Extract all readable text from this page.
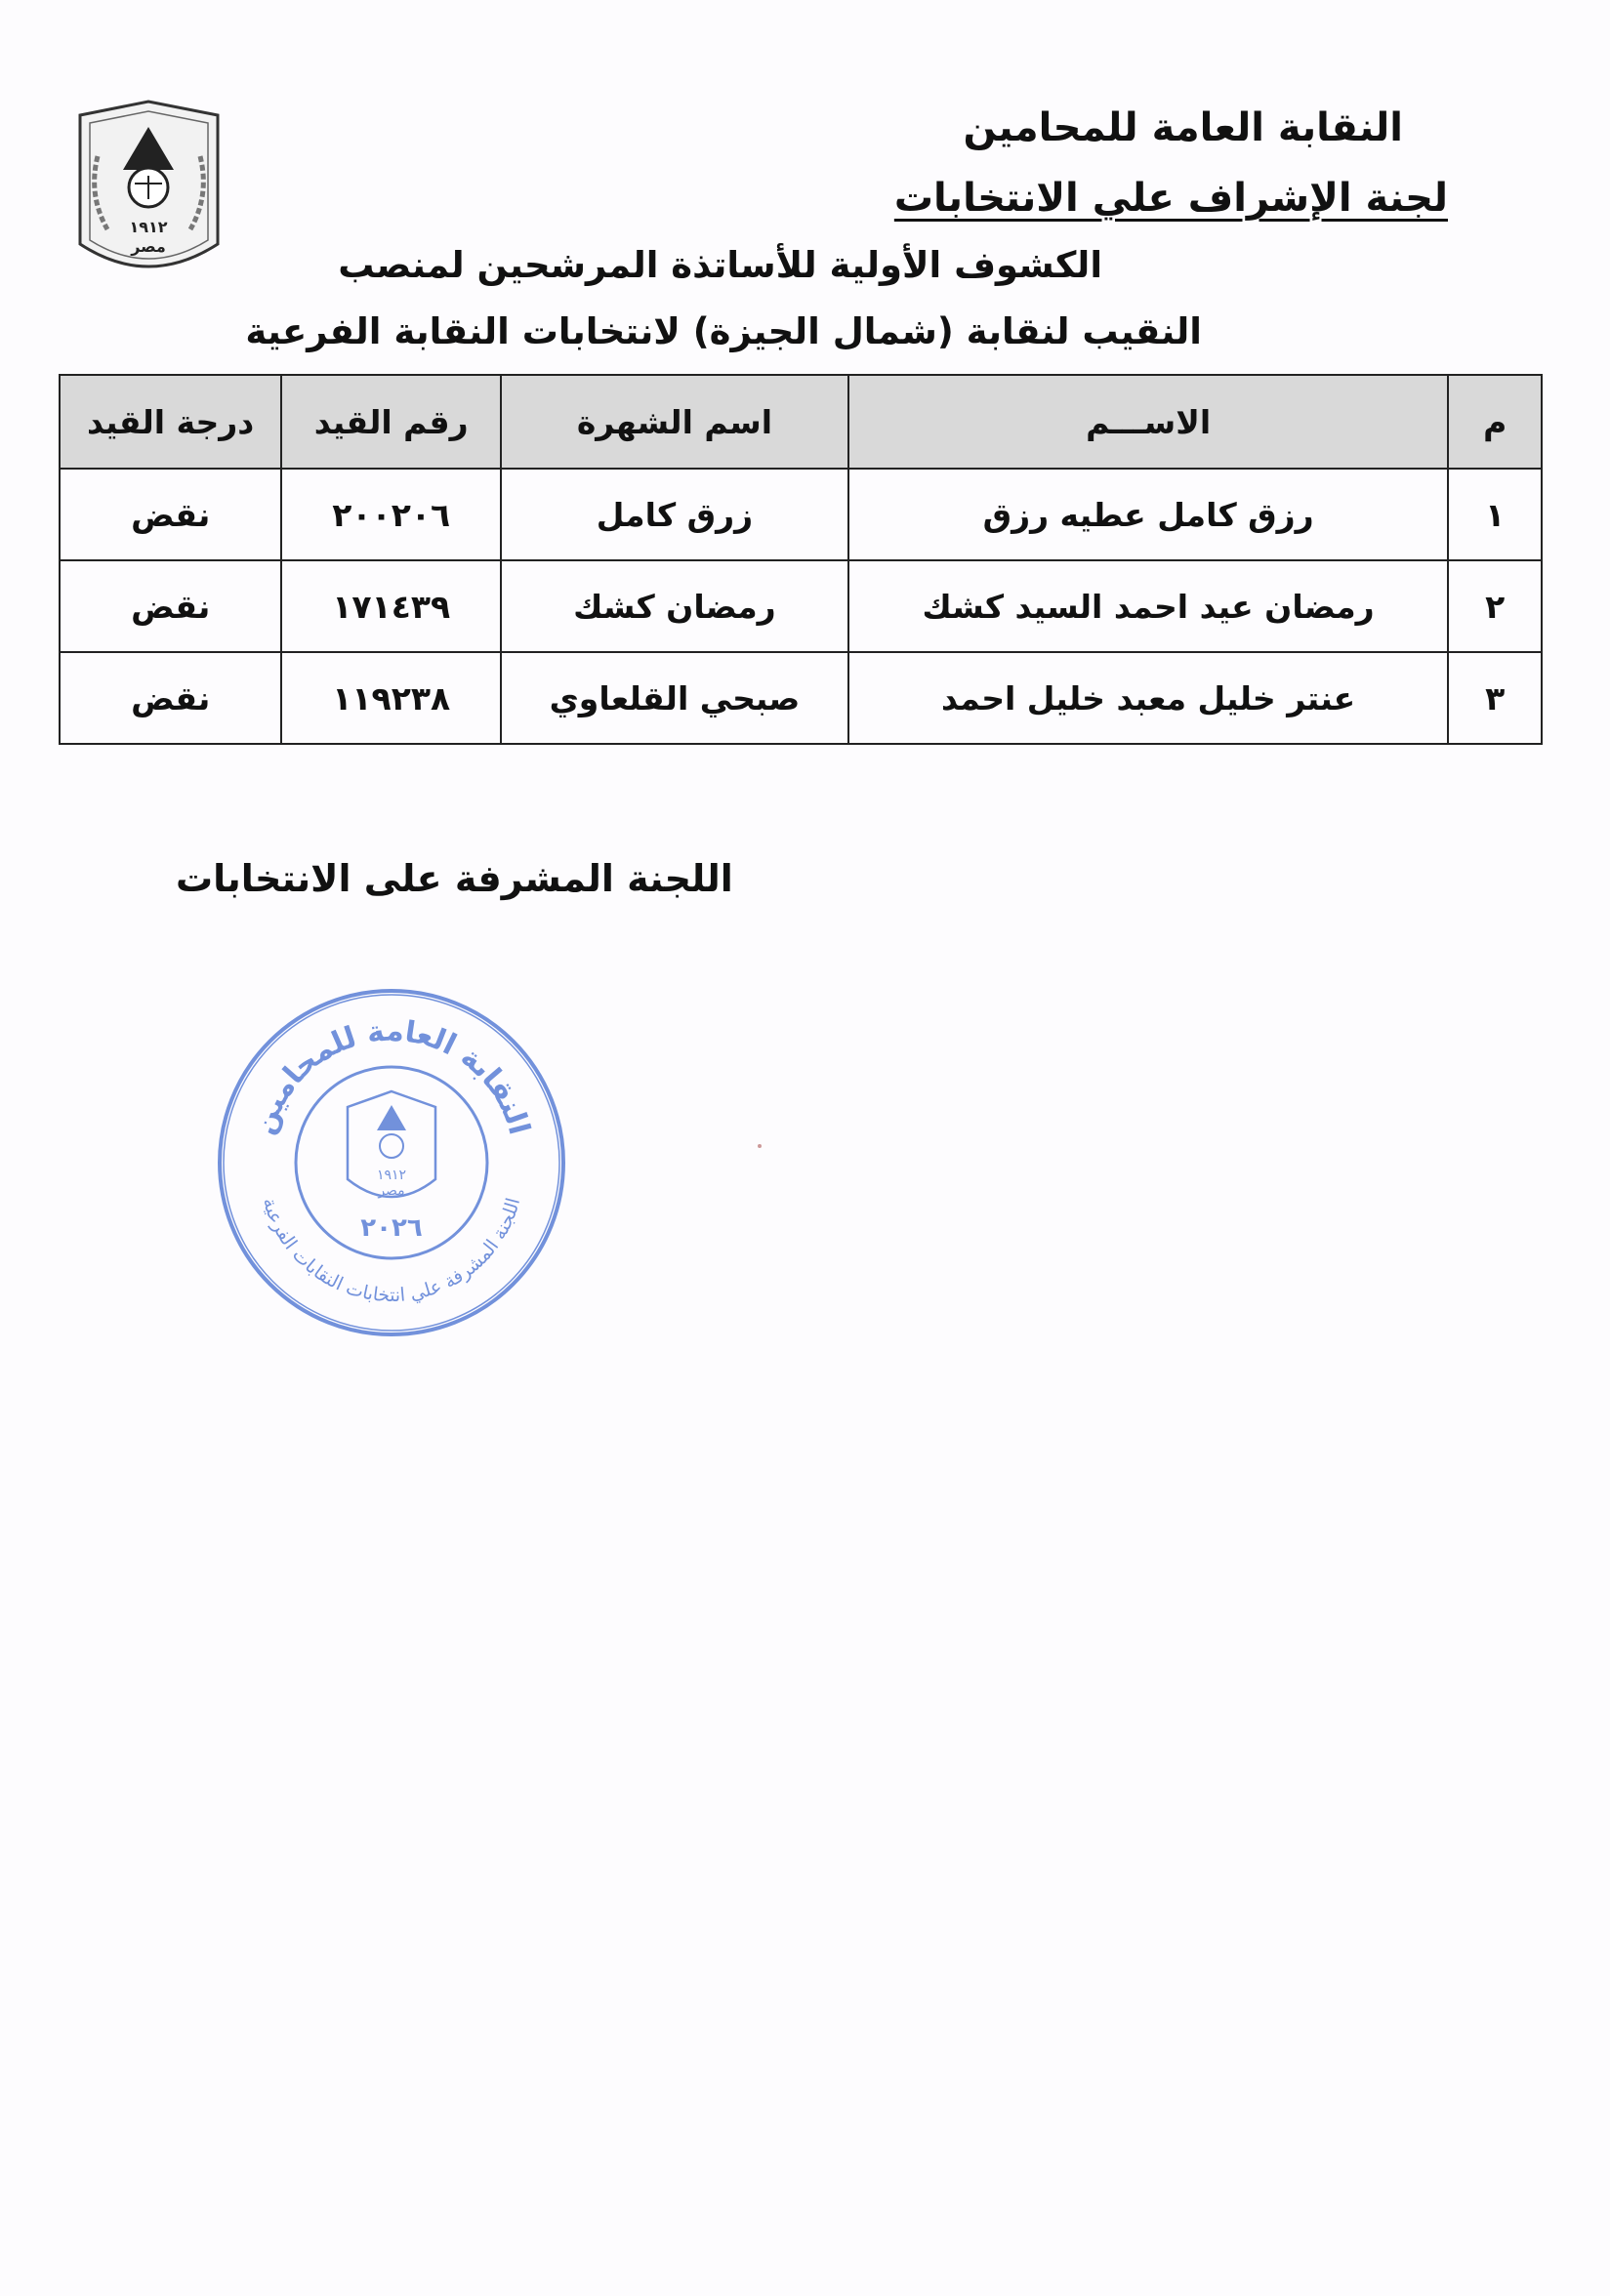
١٩١٢
مصر
النقابة العامة للمحامين
لجنة الإشراف علي الانتخابات
الكشوف الأولية للأساتذة المرشحين لمنصب
النقيب لنقابة (شمال الجيزة) لانتخابات النقابة الفرعية
م	الاســـم	اسم الشهرة	رقم القيد	درجة القيد
١	رزق كامل عطيه رزق	زرق كامل	٢٠٠٢٠٦	نقض
٢	رمضان عيد احمد السيد كشك	رمضان كشك	١٧١٤٣٩	نقض
٣	عنتر خليل معبد خليل احمد	صبحي القلعاوي	١١٩٢٣٨	نقض
اللجنة المشرفة على الانتخابات
النقابة العامة للمحامين
اللجنة المشرفة علي انتخابات النقابات الفرعية
١٩١٢
مصر
٢٠٢٦
